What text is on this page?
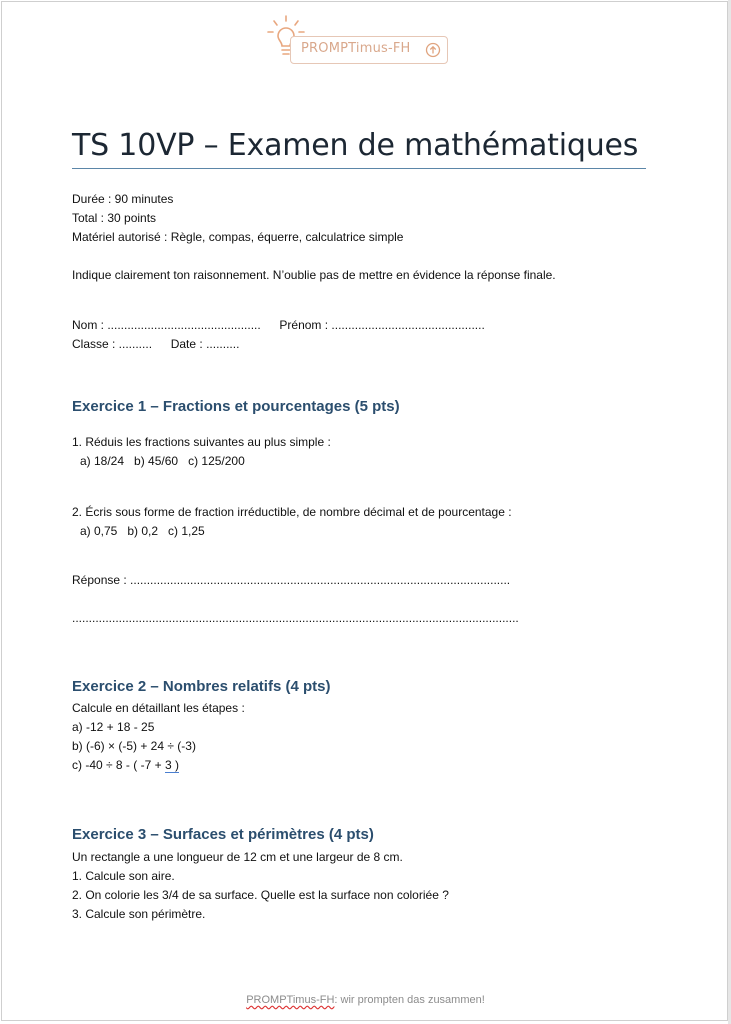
PROMPTimus-FH
TS 10VP – Examen de mathématiques
Durée : 90 minutes
Total : 30 points
Matériel autorisé : Règle, compas, équerre, calculatrice simple
Indique clairement ton raisonnement. N’oublie pas de mettre en évidence la réponse finale.
Nom : .............................................. Prénom : ..............................................
Classe : .......... Date : ..........
Exercice 1 – Fractions et pourcentages (5 pts)
1. Réduis les fractions suivantes au plus simple :
a) 18/24   b) 45/60   c) 125/200
2. Écris sous forme de fraction irréductible, de nombre décimal et de pourcentage :
a) 0,75   b) 0,2   c) 1,25
Réponse : ..................................................................................................................
......................................................................................................................................
Exercice 2 – Nombres relatifs (4 pts)
Calcule en détaillant les étapes :
a) -12 + 18 - 25
b) (-6) × (-5) + 24 ÷ (-3)
c) -40 ÷ 8 - ( -7 + 3 )
Exercice 3 – Surfaces et périmètres (4 pts)
Un rectangle a une longueur de 12 cm et une largeur de 8 cm.
1. Calcule son aire.
2. On colorie les 3/4 de sa surface. Quelle est la surface non coloriée ?
3. Calcule son périmètre.
PROMPTimus-FH: wir prompten das zusammen!
